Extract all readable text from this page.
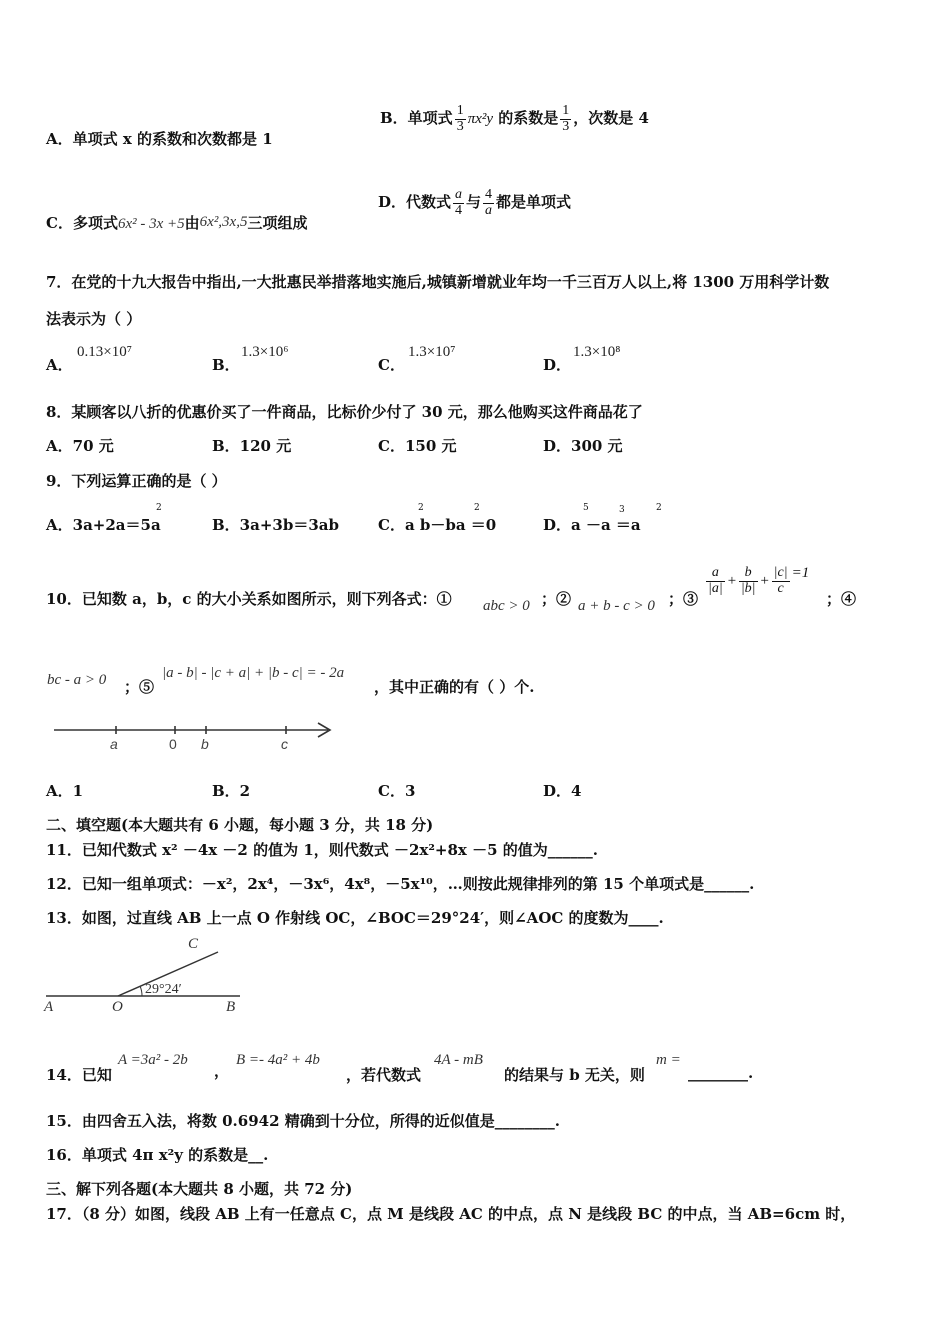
A．单项式 x 的系数和次数都是 1
B．单项式 $\frac{1}{3} \pi x^2y$ 的系数是 $\frac{1}{3}$ ，次数是 4
C．多项式6x² - 3x +5由6x²,3x,5三项组成
D．代数式 $\frac{a}{4}$ 与 $\frac{4}{a}$ 都是单项式
7．在党的十九大报告中指出,一大批惠民举措落地实施后,城镇新增就业年均一千三百万人以上,将 1300 万用科学计数
法表示为（ ）
A．
0.13×10⁷
B．
1.3×10⁶
C．
1.3×10⁷
D．
1.3×10⁸
8．某顾客以八折的优惠价买了一件商品，比标价少付了 30 元，那么他购买这件商品花了
A．70 元	B．120 元	C．150 元	D．300 元
9．下列运算正确的是（ ）
A．3a+2a＝5a
2
B．3a+3b＝3ab	C．a b－ba ＝0
2	2
D．a －a ＝a
5	3	2
10．已知数 a，b，c 的大小关系如图所示，则下列各式：① abc > 0 ；② a + b - c > 0 ；③
$\frac{a}{|a|} + \frac{b}{|b|} + \frac{|c|}{c} =1$
；④
bc - a > 0 ；⑤
|a - b| - |c + a| + |b - c| = - 2a
，其中正确的有（ ）个.
a	0 b	c
A．1	B．2	C．3	D．4
二、填空题(本大题共有 6 小题，每小题 3 分，共 18 分)
11．已知代数式 x² －4x －2 的值为 1，则代数式 －2x²+8x －5 的值为______.
12．已知一组单项式：－x²，2x⁴，－3x⁶，4x⁸，－5x¹⁰，…则按此规律排列的第 15 个单项式是______.
13．如图，过直线 AB 上一点 O 作射线 OC，∠BOC＝29°24′，则∠AOC 的度数为____.
C
29°24′
A	O	B
14．已知
A =3a² - 2b
，
B =- 4a² + 4b
，若代数式
4A - mB
的结果与 b 无关，则
m =
________.
15．由四舍五入法，将数 0.6942 精确到十分位，所得的近似值是________.
16．单项式 4π x²y 的系数是__.
三、解下列各题(本大题共 8 小题，共 72 分)
17．（8 分）如图，线段 AB 上有一任意点 C，点 M 是线段 AC 的中点，点 N 是线段 BC 的中点，当 AB=6cm 时，
